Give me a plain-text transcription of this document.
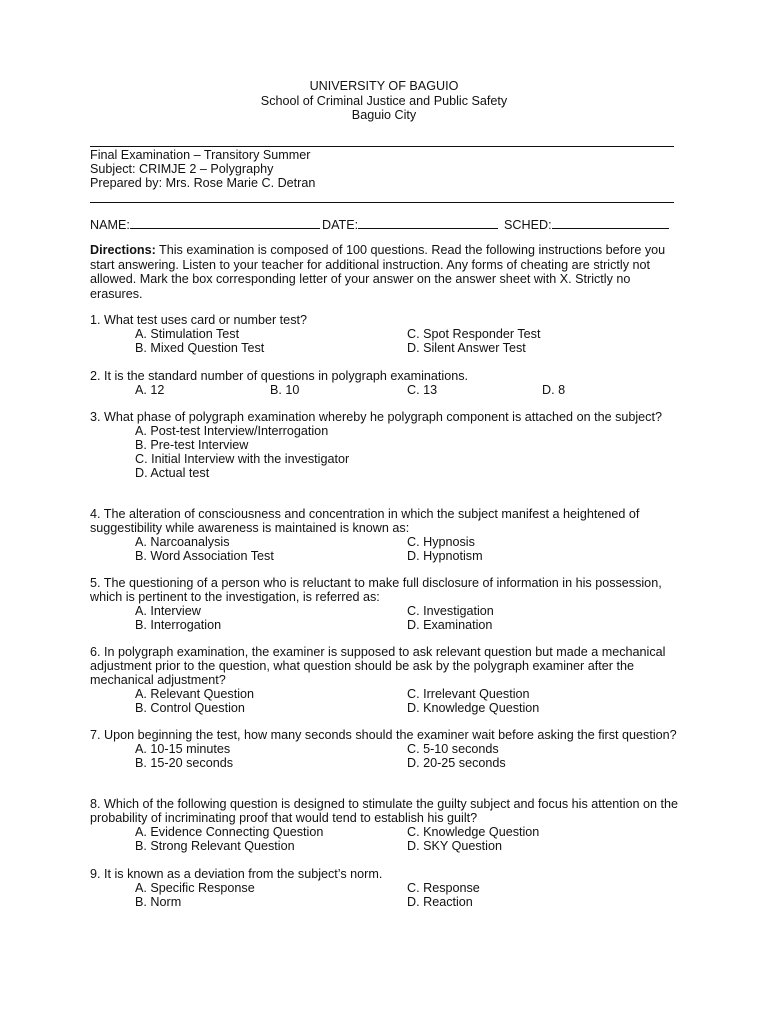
UNIVERSITY OF BAGUIO
School of Criminal Justice and Public Safety
Baguio City
Final Examination – Transitory Summer
Subject: CRIMJE 2 – Polygraphy
Prepared by: Mrs. Rose Marie C. Detran
NAME:	DATE:	SCHED:
Directions: This examination is composed of 100 questions. Read the following instructions before you start answering. Listen to your teacher for additional instruction. Any forms of cheating are strictly not allowed. Mark the box corresponding letter of your answer on the answer sheet with X. Strictly no erasures.
1. What test uses card or number test?
A. Stimulation Test
B. Mixed Question Test
C. Spot Responder Test
D. Silent Answer Test
2. It is the standard number of questions in polygraph examinations.
A. 12	B. 10	C. 13	D. 8
3. What phase of polygraph examination whereby he polygraph component is attached on the subject?
A. Post-test Interview/Interrogation
B. Pre-test Interview
C. Initial Interview with the investigator
D. Actual test
4. The alteration of consciousness and concentration in which the subject manifest a heightened of suggestibility while awareness is maintained is known as:
A. Narcoanalysis
B. Word Association Test
C. Hypnosis
D. Hypnotism
5. The questioning of a person who is reluctant to make full disclosure of information in his possession, which is pertinent to the investigation, is referred as:
A. Interview
B. Interrogation
C. Investigation
D. Examination
6. In polygraph examination, the examiner is supposed to ask relevant question but made a mechanical adjustment prior to the question, what question should be ask by the polygraph examiner after the mechanical adjustment?
A. Relevant Question
B. Control Question
C. Irrelevant Question
D. Knowledge Question
7. Upon beginning the test, how many seconds should the examiner wait before asking the first question?
A. 10-15 minutes
B. 15-20 seconds
C. 5-10 seconds
D. 20-25 seconds
8. Which of the following question is designed to stimulate the guilty subject and focus his attention on the probability of incriminating proof that would tend to establish his guilt?
A. Evidence Connecting Question
B. Strong Relevant Question
C. Knowledge Question
D. SKY Question
9. It is known as a deviation from the subject’s norm.
A. Specific Response
B. Norm
C. Response
D. Reaction
